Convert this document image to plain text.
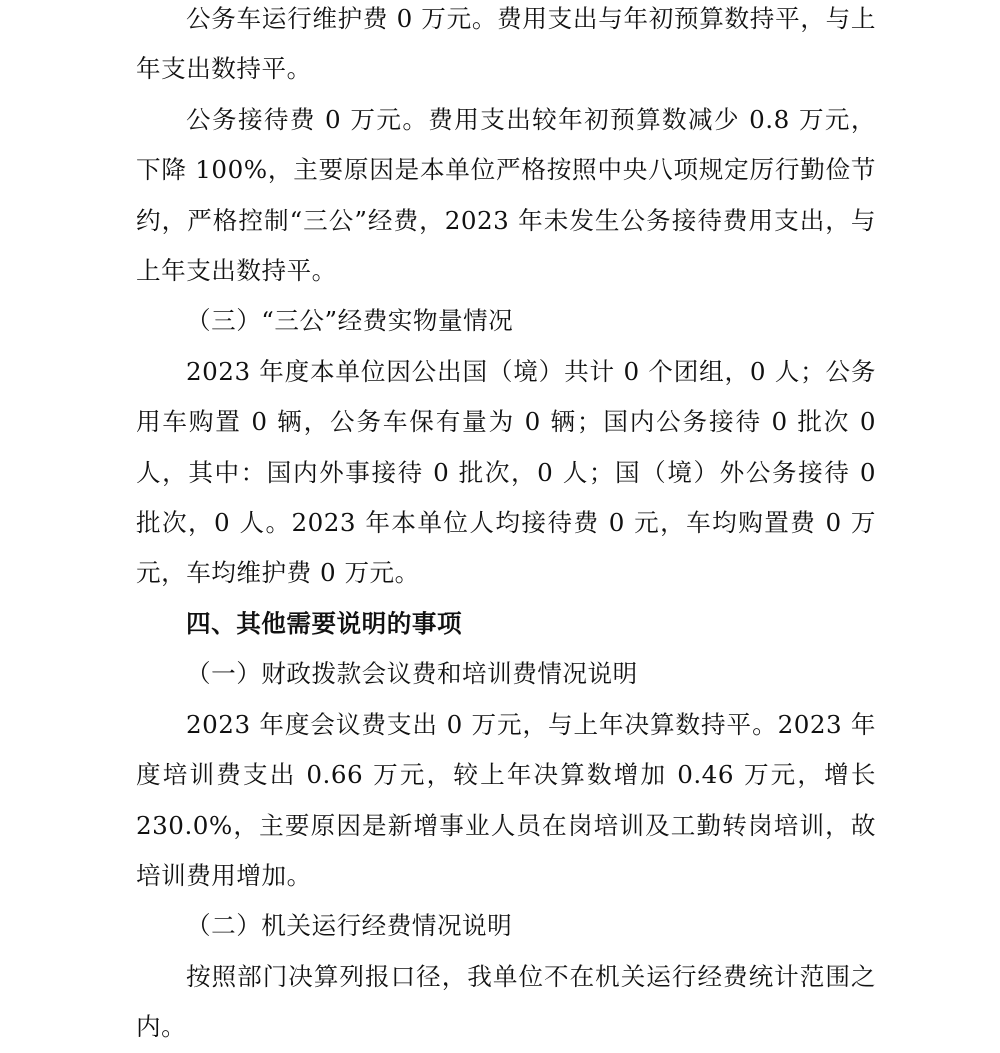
公务车运行维护费 0 万元。费用支出与年初预算数持平，与上年支出数持平。

公务接待费 0 万元。费用支出较年初预算数减少 0.8 万元，下降 100%，主要原因是本单位严格按照中央八项规定厉行勤俭节约，严格控制“三公”经费，2023 年未发生公务接待费用支出，与上年支出数持平。

（三）“三公”经费实物量情况

2023 年度本单位因公出国（境）共计 0 个团组，0 人；公务用车购置 0 辆，公务车保有量为 0 辆；国内公务接待 0 批次 0 人，其中：国内外事接待 0 批次，0 人；国（境）外公务接待 0 批次，0 人。2023 年本单位人均接待费 0 元，车均购置费 0 万元，车均维护费 0 万元。

四、其他需要说明的事项

（一）财政拨款会议费和培训费情况说明

2023 年度会议费支出 0 万元，与上年决算数持平。2023 年度培训费支出 0.66 万元，较上年决算数增加 0.46 万元，增长 230.0%，主要原因是新增事业人员在岗培训及工勤转岗培训，故培训费用增加。

（二）机关运行经费情况说明

按照部门决算列报口径，我单位不在机关运行经费统计范围之内。
